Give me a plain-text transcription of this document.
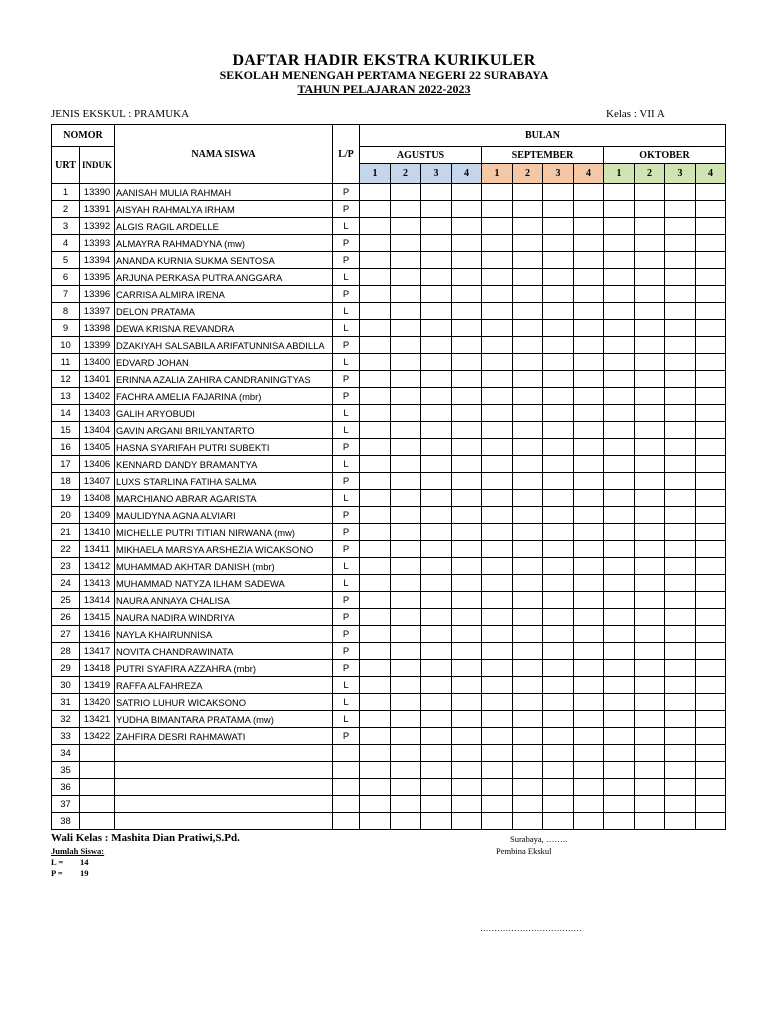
DAFTAR HADIR EKSTRA KURIKULER
SEKOLAH MENENGAH PERTAMA NEGERI 22 SURABAYA
TAHUN PELAJARAN 2022-2023
JENIS EKSKUL : PRAMUKA	Kelas : VII A
NOMOR		NAMA SISWA	L/P	BULAN											
URT	INDUK			AGUSTUS				SEPTEMBER				OKTOBER			
				1	2	3	4	1	2	3	4	1	2	3	4
1	13390	AANISAH MULIA RAHMAH	P												
2	13391	AISYAH RAHMALYA IRHAM	P												
3	13392	ALGIS RAGIL ARDELLE	L												
4	13393	ALMAYRA RAHMADYNA (mw)	P												
5	13394	ANANDA KURNIA SUKMA SENTOSA	P												
6	13395	ARJUNA PERKASA PUTRA ANGGARA	L												
7	13396	CARRISA ALMIRA IRENA	P												
8	13397	DELON PRATAMA	L												
9	13398	DEWA KRISNA REVANDRA	L												
10	13399	DZAKIYAH SALSABILA ARIFATUNNISA ABDILLA	P												
11	13400	EDVARD JOHAN	L												
12	13401	ERINNA AZALIA ZAHIRA CANDRANINGTYAS	P												
13	13402	FACHRA AMELIA FAJARINA (mbr)	P												
14	13403	GALIH ARYOBUDI	L												
15	13404	GAVIN ARGANI BRILYANTARTO	L												
16	13405	HASNA SYARIFAH PUTRI SUBEKTI	P												
17	13406	KENNARD DANDY BRAMANTYA	L												
18	13407	LUXS STARLINA FATIHA SALMA	P												
19	13408	MARCHIANO ABRAR AGARISTA	L												
20	13409	MAULIDYNA AGNA ALVIARI	P												
21	13410	MICHELLE PUTRI TITIAN NIRWANA (mw)	P												
22	13411	MIKHAELA MARSYA ARSHEZIA WICAKSONO	P												
23	13412	MUHAMMAD AKHTAR DANISH (mbr)	L												
24	13413	MUHAMMAD NATYZA ILHAM SADEWA	L												
25	13414	NAURA ANNAYA CHALISA	P												
26	13415	NAURA NADIRA WINDRIYA	P												
27	13416	NAYLA KHAIRUNNISA	P												
28	13417	NOVITA CHANDRAWINATA	P												
29	13418	PUTRI SYAFIRA AZZAHRA (mbr)	P												
30	13419	RAFFA ALFAHREZA	L												
31	13420	SATRIO LUHUR WICAKSONO	L												
32	13421	YUDHA BIMANTARA PRATAMA (mw)	L												
33	13422	ZAHFIRA DESRI RAHMAWATI	P												
34															
35															
36															
37															
38															
Wali Kelas : Mashita Dian Pratiwi,S.Pd.
Jumlah Siswa:
L = 14
P = 19
Surabaya, ……..
Pembina Ekskul
………………………………
